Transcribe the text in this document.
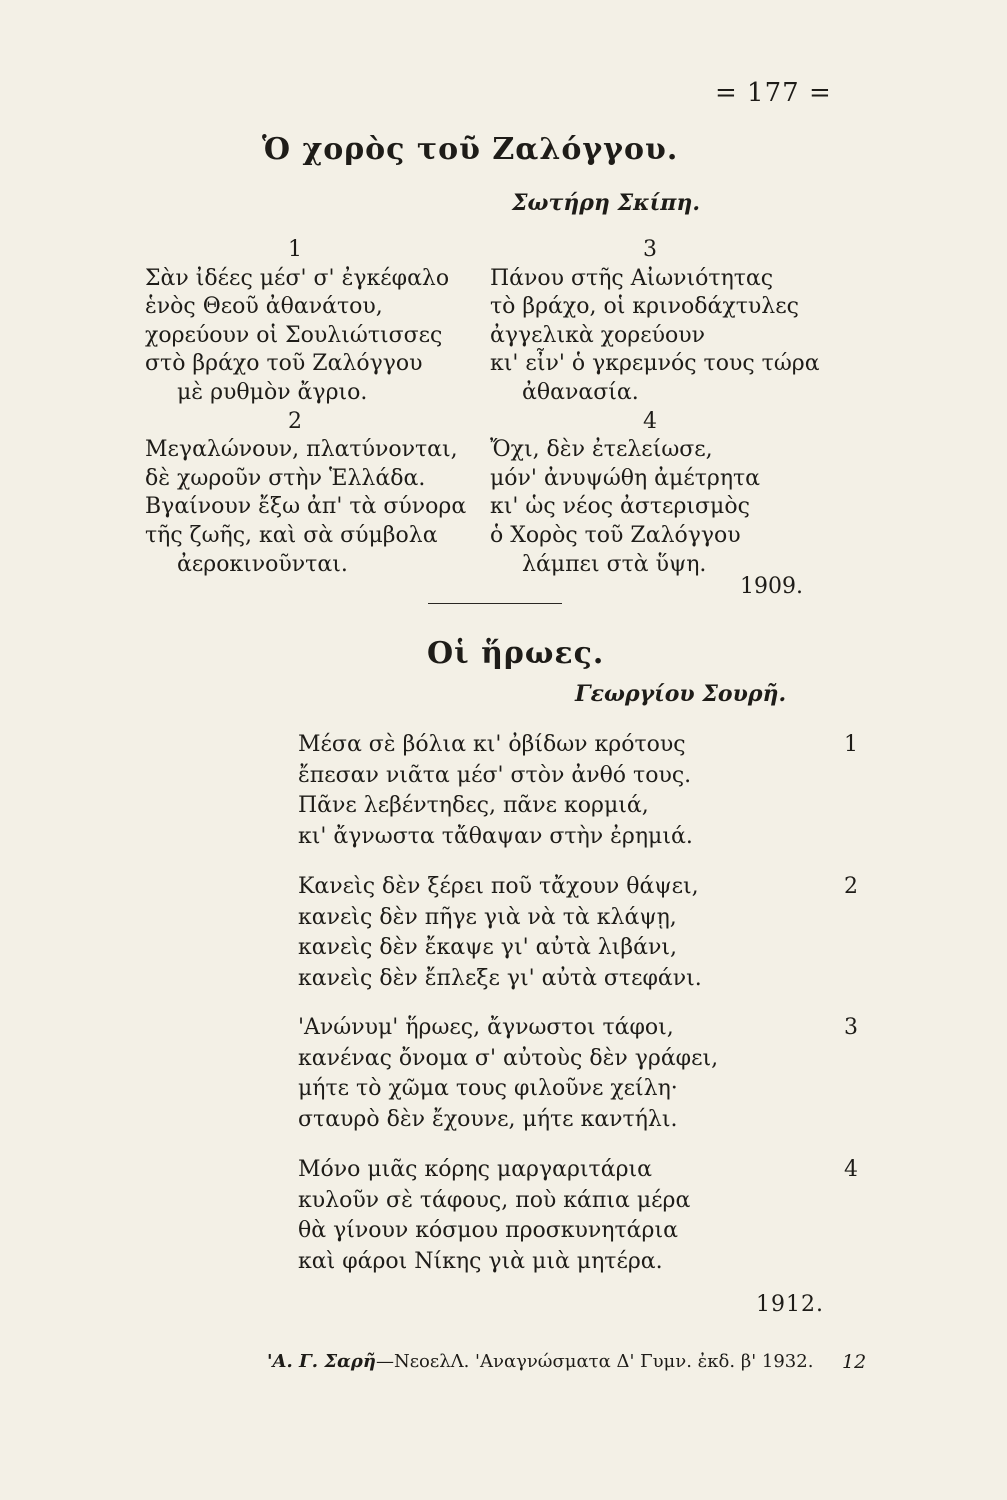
= 177 =
Ὁ χορὸς τοῦ Ζαλόγγου.
Σωτήρη Σκίπη.
1
Σὰν ἰδέες μέσ' σ' ἐγκέφαλο
ἑνὸς Θεοῦ ἀθανάτου,
χορεύουν οἱ Σουλιώτισσες
στὸ βράχο τοῦ Ζαλόγγου
μὲ ρυθμὸν ἄγριο.
2
Μεγαλώνουν, πλατύνονται,
δὲ χωροῦν στὴν Ἑλλάδα.
Βγαίνουν ἔξω ἀπ' τὰ σύνορα
τῆς ζωῆς, καὶ σὰ σύμβολα
ἀεροκινοῦνται.
3
Πάνου στῆς Αἰωνιότητας
τὸ βράχο, οἱ κρινοδάχτυλες
ἀγγελικὰ χορεύουν
κι' εἶν' ὁ γκρεμνός τους τώρα
ἀθανασία.
4
Ὄχι, δὲν ἐτελείωσε,
μόν' ἀνυψώθη ἀμέτρητα
κι' ὡς νέος ἀστερισμὸς
ὁ Χορὸς τοῦ Ζαλόγγου
λάμπει στὰ ὕψη.
1909.
Οἱ ἥρωες.
Γεωργίου Σουρῆ.
1
Μέσα σὲ βόλια κι' ὀβίδων κρότους
ἔπεσαν νιᾶτα μέσ' στὸν ἀνθό τους.
Πᾶνε λεβέντηδες, πᾶνε κορμιά,
κι' ἄγνωστα τἄθαψαν στὴν ἐρημιά.
2
Κανεὶς δὲν ξέρει ποῦ τἄχουν θάψει,
κανεὶς δὲν πῆγε γιὰ νὰ τὰ κλάψῃ,
κανεὶς δὲν ἔκαψε γι' αὐτὰ λιβάνι,
κανεὶς δὲν ἔπλεξε γι' αὐτὰ στεφάνι.
3
'Ανώνυμ' ἥρωες, ἄγνωστοι τάφοι,
κανένας ὄνομα σ' αὐτοὺς δὲν γράφει,
μήτε τὸ χῶμα τους φιλοῦνε χείλη·
σταυρὸ δὲν ἔχουνε, μήτε καντήλι.
4
Μόνο μιᾶς κόρης μαργαριτάρια
κυλοῦν σὲ τάφους, ποὺ κάπια μέρα
θὰ γίνουν κόσμου προσκυνητάρια
καὶ φάροι Νίκης γιὰ μιὰ μητέρα.
1912.
'Α. Γ. Σαρῆ—ΝεοελΛ. 'Αναγνώσματα Δ' Γυμν. ἐκδ. β' 1932. 12
